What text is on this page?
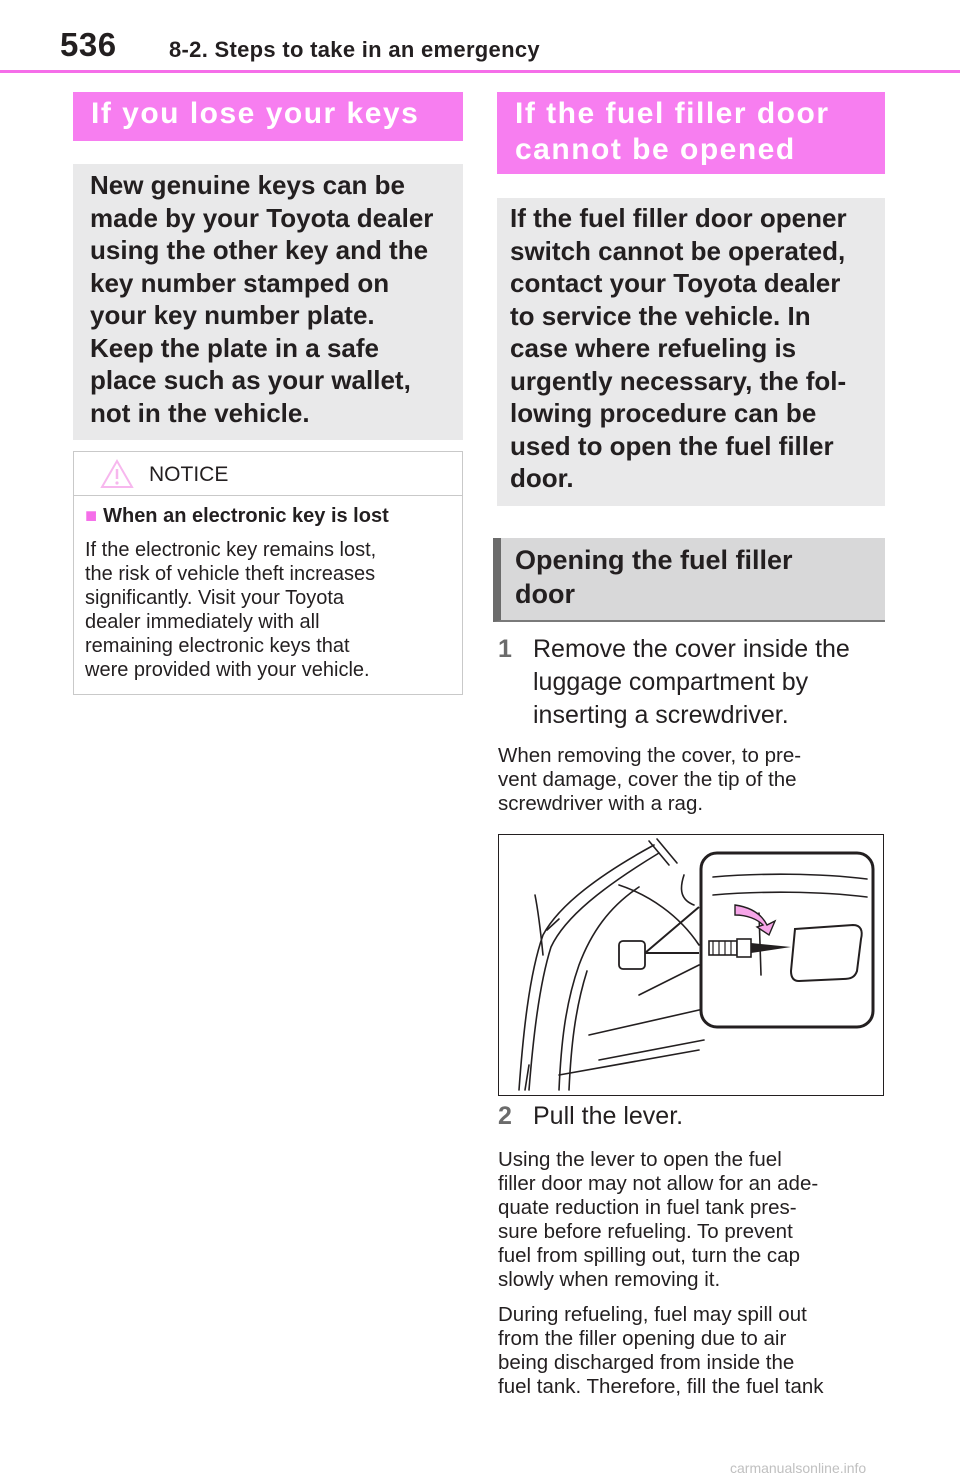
536 8-2. Steps to take in an emergency
If you lose your keys
New genuine keys can be
made by your Toyota dealer
using the other key and the
key number stamped on
your key number plate.
Keep the plate in a safe
place such as your wallet,
not in the vehicle.
NOTICE
■ When an electronic key is lost
If the electronic key remains lost,
the risk of vehicle theft increases
significantly. Visit your Toyota
dealer immediately with all
remaining electronic keys that
were provided with your vehicle.
If the fuel filler door
cannot be opened
If the fuel filler door opener
switch cannot be operated,
contact your Toyota dealer
to service the vehicle. In
case where refueling is
urgently necessary, the fol-
lowing procedure can be
used to open the fuel filler
door.
Opening the fuel filler
door
1 Remove the cover inside the
luggage compartment by
inserting a screwdriver.
When removing the cover, to pre-
vent damage, cover the tip of the
screwdriver with a rag.
2 Pull the lever.
Using the lever to open the fuel
filler door may not allow for an ade-
quate reduction in fuel tank pres-
sure before refueling. To prevent
fuel from spilling out, turn the cap
slowly when removing it.
During refueling, fuel may spill out
from the filler opening due to air
being discharged from inside the
fuel tank. Therefore, fill the fuel tank
carmanualsonline.info
